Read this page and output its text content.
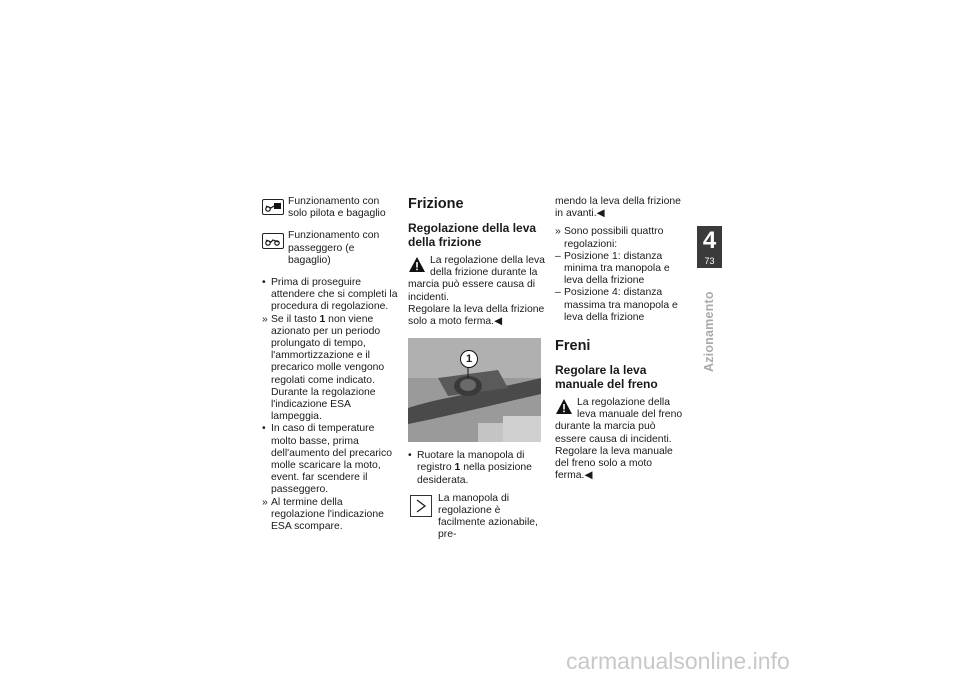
Funzionamento con solo pilota e bagaglio
Funzionamento con passeggero (e bagaglio)
• Prima di proseguire attendere che si completi la procedura di regolazione.
» Se il tasto 1 non viene azionato per un periodo prolungato di tempo, l'ammortizzazione e il precarico molle vengono regolati come indicato. Durante la regolazione l'indicazione ESA lampeggia.
• In caso di temperature molto basse, prima dell'aumento del precarico molle scaricare la moto, event. far scendere il passeggero.
» Al termine della regolazione l'indicazione ESA scompare.
Frizione
Regolazione della leva della frizione

La regolazione della leva della frizione durante la marcia può essere causa di incidenti.

Regolare la leva della frizione solo a moto ferma.◀

1
• Ruotare la manopola di registro 1 nella posizione desiderata.
La manopola di regolazione è facilmente azionabile, pre-

mendo la leva della frizione in avanti.◀

» Sono possibili quattro regolazioni:
– Posizione 1: distanza minima tra manopola e leva della frizione
– Posizione 4: distanza massima tra manopola e leva della frizione
Freni
Regolare la leva manuale del freno

La regolazione della leva manuale del freno durante la marcia può essere causa di incidenti.

Regolare la leva manuale del freno solo a moto ferma.◀

4
73
Azionamento
carmanualsonline.info
